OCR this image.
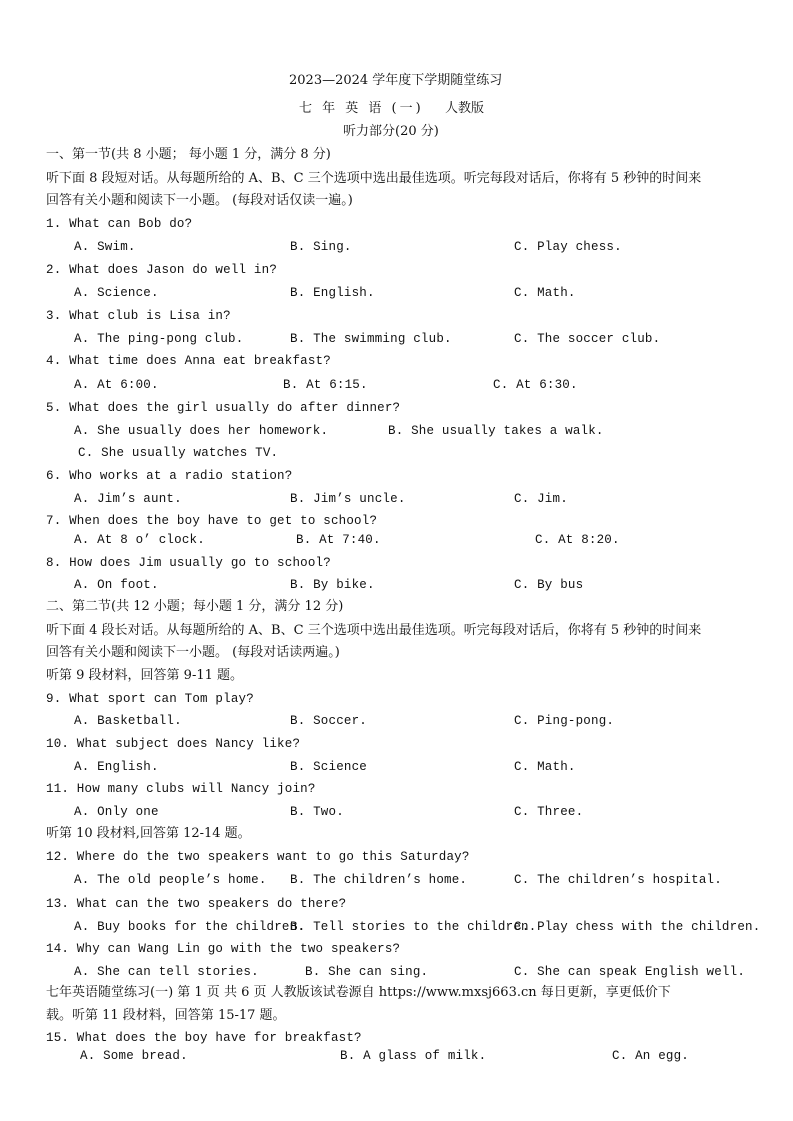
2023—2024 学年度下学期随堂练习
七 年 英 语 (一) 人教版
听力部分(20 分)
一、第一节(共 8 小题； 每小题 1 分，满分 8 分)
听下面 8 段短对话。从每题所给的 A、B、C 三个选项中选出最佳选项。听完每段对话后，你将有 5 秒钟的时间来
回答有关小题和阅读下一小题。 (每段对话仅读一遍。)
1. What can Bob do?
A. Swim.	B. Sing.	C. Play chess.
2. What does Jason do well in?
A. Science.	B. English.	C. Math.
3. What club is Lisa in?
A. The ping-pong club.	B. The swimming club.	C. The soccer club.
4. What time does Anna eat breakfast?
A. At 6:00.	B. At 6:15.	C. At 6:30.
5. What does the girl usually do after dinner?
A. She usually does her homework.	B. She usually takes a walk.
C. She usually watches TV.
6. Who works at a radio station?
A. Jim’s aunt.	B. Jim’s uncle.	C. Jim.
7. When does the boy have to get to school?
A. At 8 o’ clock.	B. At 7:40.	C. At 8:20.
8. How does Jim usually go to school?
A. On foot.	B. By bike.	C. By bus
二、第二节(共 12 小题；每小题 1 分，满分 12 分)
听下面 4 段长对话。从每题所给的 A、B、C 三个选项中选出最佳选项。听完每段对话后，你将有 5 秒钟的时间来
回答有关小题和阅读下一小题。 (每段对话读两遍。)
听第 9 段材料，回答第 9-11 题。
9. What sport can Tom play?
A. Basketball.	B. Soccer.	C. Ping-pong.
10. What subject does Nancy like?
A. English.	B. Science	C. Math.
11. How many clubs will Nancy join?
A. Only one	B. Two.	C. Three.
听第 10 段材料,回答第 12-14 题。
12. Where do the two speakers want to go this Saturday?
A. The old people’s home. B. The children’s home.	C. The children’s hospital.
13. What can the two speakers do there?
A. Buy books for the children.
B. Tell stories to the children.
C. Play chess with the children.
14. Why can Wang Lin go with the two speakers?
A. She can tell stories.	B. She can sing.	C. She can speak English well.
七年英语随堂练习(一) 第 1 页 共 6 页 人教版该试卷源自 https://www.mxsj663.cn 每日更新，享更低价下
载。听第 11 段材料，回答第 15-17 题。
15. What does the boy have for breakfast?
A. Some bread.	B. A glass of milk.	C. An egg.
